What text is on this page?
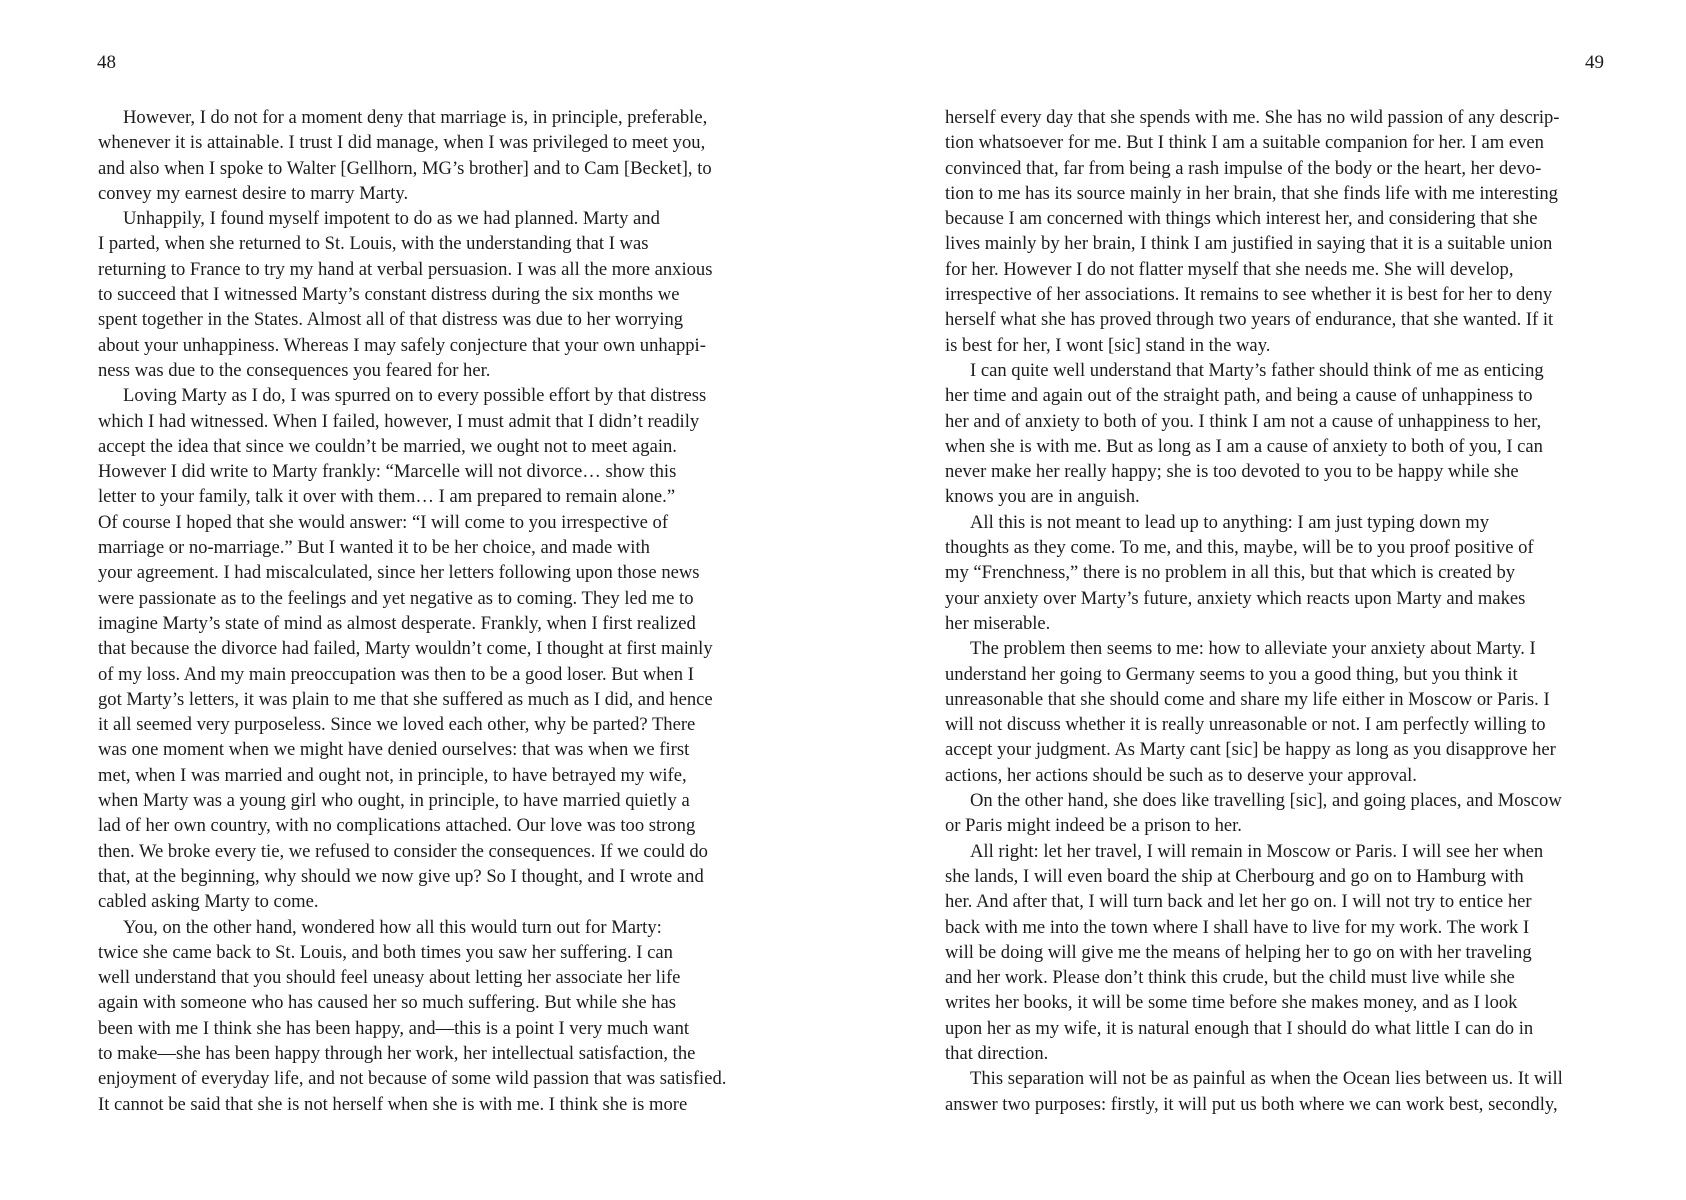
48
However, I do not for a moment deny that marriage is, in principle, preferable,
whenever it is attainable. I trust I did manage, when I was privileged to meet you,
and also when I spoke to Walter [Gellhorn, MG’s brother] and to Cam [Becket], to
convey my earnest desire to marry Marty.
Unhappily, I found myself impotent to do as we had planned. Marty and
I parted, when she returned to St. Louis, with the understanding that I was
returning to France to try my hand at verbal persuasion. I was all the more anxious
to succeed that I witnessed Marty’s constant distress during the six months we
spent together in the States. Almost all of that distress was due to her worrying
about your unhappiness. Whereas I may safely conjecture that your own unhappi-
ness was due to the consequences you feared for her.
Loving Marty as I do, I was spurred on to every possible effort by that distress
which I had witnessed. When I failed, however, I must admit that I didn’t readily
accept the idea that since we couldn’t be married, we ought not to meet again.
However I did write to Marty frankly: “Marcelle will not divorce… show this
letter to your family, talk it over with them… I am prepared to remain alone.”
Of course I hoped that she would answer: “I will come to you irrespective of
marriage or no-marriage.” But I wanted it to be her choice, and made with
your agreement. I had miscalculated, since her letters following upon those news
were passionate as to the feelings and yet negative as to coming. They led me to
imagine Marty’s state of mind as almost desperate. Frankly, when I first realized
that because the divorce had failed, Marty wouldn’t come, I thought at first mainly
of my loss. And my main preoccupation was then to be a good loser. But when I
got Marty’s letters, it was plain to me that she suffered as much as I did, and hence
it all seemed very purposeless. Since we loved each other, why be parted? There
was one moment when we might have denied ourselves: that was when we first
met, when I was married and ought not, in principle, to have betrayed my wife,
when Marty was a young girl who ought, in principle, to have married quietly a
lad of her own country, with no complications attached. Our love was too strong
then. We broke every tie, we refused to consider the consequences. If we could do
that, at the beginning, why should we now give up? So I thought, and I wrote and
cabled asking Marty to come.
You, on the other hand, wondered how all this would turn out for Marty:
twice she came back to St. Louis, and both times you saw her suffering. I can
well understand that you should feel uneasy about letting her associate her life
again with someone who has caused her so much suffering. But while she has
been with me I think she has been happy, and—this is a point I very much want
to make—she has been happy through her work, her intellectual satisfaction, the
enjoyment of everyday life, and not because of some wild passion that was satisfied.
It cannot be said that she is not herself when she is with me. I think she is more
49
herself every day that she spends with me. She has no wild passion of any descrip-
tion whatsoever for me. But I think I am a suitable companion for her. I am even
convinced that, far from being a rash impulse of the body or the heart, her devo-
tion to me has its source mainly in her brain, that she finds life with me interesting
because I am concerned with things which interest her, and considering that she
lives mainly by her brain, I think I am justified in saying that it is a suitable union
for her. However I do not flatter myself that she needs me. She will develop,
irrespective of her associations. It remains to see whether it is best for her to deny
herself what she has proved through two years of endurance, that she wanted. If it
is best for her, I wont [sic] stand in the way.
I can quite well understand that Marty’s father should think of me as enticing
her time and again out of the straight path, and being a cause of unhappiness to
her and of anxiety to both of you. I think I am not a cause of unhappiness to her,
when she is with me. But as long as I am a cause of anxiety to both of you, I can
never make her really happy; she is too devoted to you to be happy while she
knows you are in anguish.
All this is not meant to lead up to anything: I am just typing down my
thoughts as they come. To me, and this, maybe, will be to you proof positive of
my “Frenchness,” there is no problem in all this, but that which is created by
your anxiety over Marty’s future, anxiety which reacts upon Marty and makes
her miserable.
The problem then seems to me: how to alleviate your anxiety about Marty. I
understand her going to Germany seems to you a good thing, but you think it
unreasonable that she should come and share my life either in Moscow or Paris. I
will not discuss whether it is really unreasonable or not. I am perfectly willing to
accept your judgment. As Marty cant [sic] be happy as long as you disapprove her
actions, her actions should be such as to deserve your approval.
On the other hand, she does like travelling [sic], and going places, and Moscow
or Paris might indeed be a prison to her.
All right: let her travel, I will remain in Moscow or Paris. I will see her when
she lands, I will even board the ship at Cherbourg and go on to Hamburg with
her. And after that, I will turn back and let her go on. I will not try to entice her
back with me into the town where I shall have to live for my work. The work I
will be doing will give me the means of helping her to go on with her traveling
and her work. Please don’t think this crude, but the child must live while she
writes her books, it will be some time before she makes money, and as I look
upon her as my wife, it is natural enough that I should do what little I can do in
that direction.
This separation will not be as painful as when the Ocean lies between us. It will
answer two purposes: firstly, it will put us both where we can work best, secondly,
